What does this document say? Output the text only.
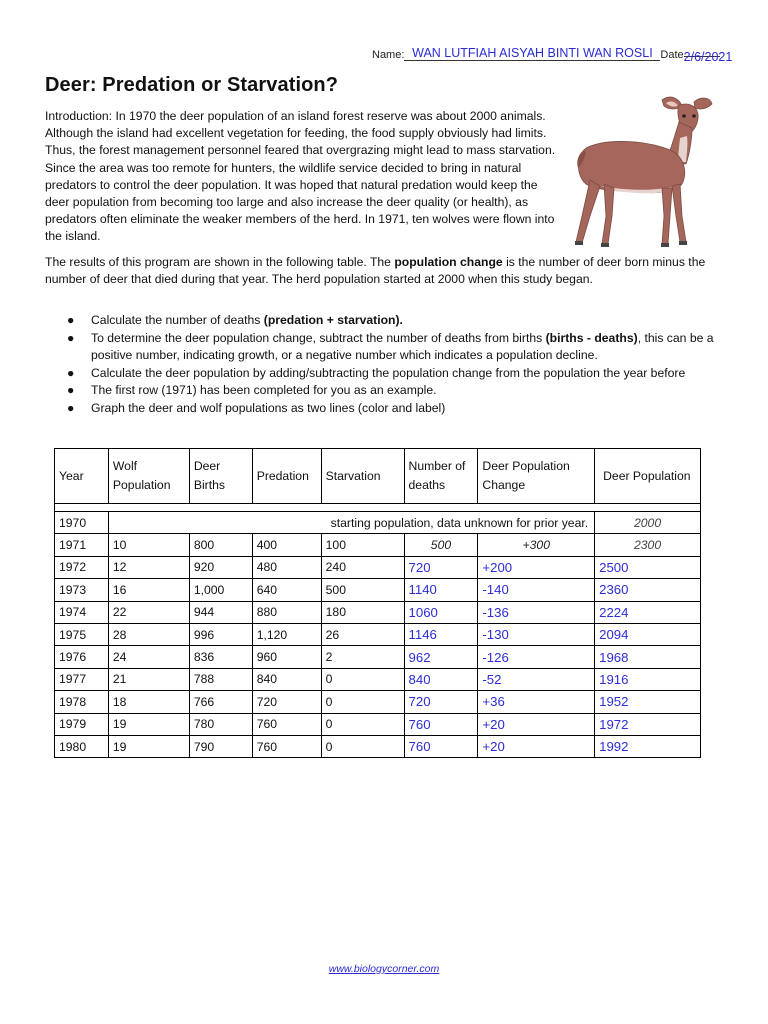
Name: WAN LUTFIAH AISYAH BINTI WAN ROSLI Date 2/6/2021
Deer: Predation or Starvation?

Introduction: In 1970 the deer population of an island forest reserve was about 2000 animals. Although the island had excellent vegetation for feeding, the food supply obviously had limits. Thus, the forest management personnel feared that overgrazing might lead to mass starvation. Since the area was too remote for hunters, the wildlife service decided to bring in natural predators to control the deer population. It was hoped that natural predation would keep the deer population from becoming too large and also increase the deer quality (or health), as predators often eliminate the weaker members of the herd. In 1971, ten wolves were flown into the island.

The results of this program are shown in the following table. The population change is the number of deer born minus the number of deer that died during that year. The herd population started at 2000 when this study began.

● Calculate the number of deaths (predation + starvation).
● To determine the deer population change, subtract the number of deaths from births (births - deaths), this can be a positive number, indicating growth, or a negative number which indicates a population decline.
● Calculate the deer population by adding/subtracting the population change from the population the year before
● The first row (1971) has been completed for you as an example.
● Graph the deer and wolf populations as two lines (color and label)
Year	Wolf Population	Deer Births	Predation	Starvation	Number of deaths	Deer Population Change	Deer Population

1970	starting population, data unknown for prior year.						2000
1971	10	800	400	100	500	+300	2300
1972	12	920	480	240	720	+200	2500
1973	16	1,000	640	500	1140	-140	2360
1974	22	944	880	180	1060	-136	2224
1975	28	996	1,120	26	1146	-130	2094
1976	24	836	960	2	962	-126	1968
1977	21	788	840	0	840	-52	1916
1978	18	766	720	0	720	+36	1952
1979	19	780	760	0	760	+20	1972
1980	19	790	760	0	760	+20	1992
www.biologycorner.com
